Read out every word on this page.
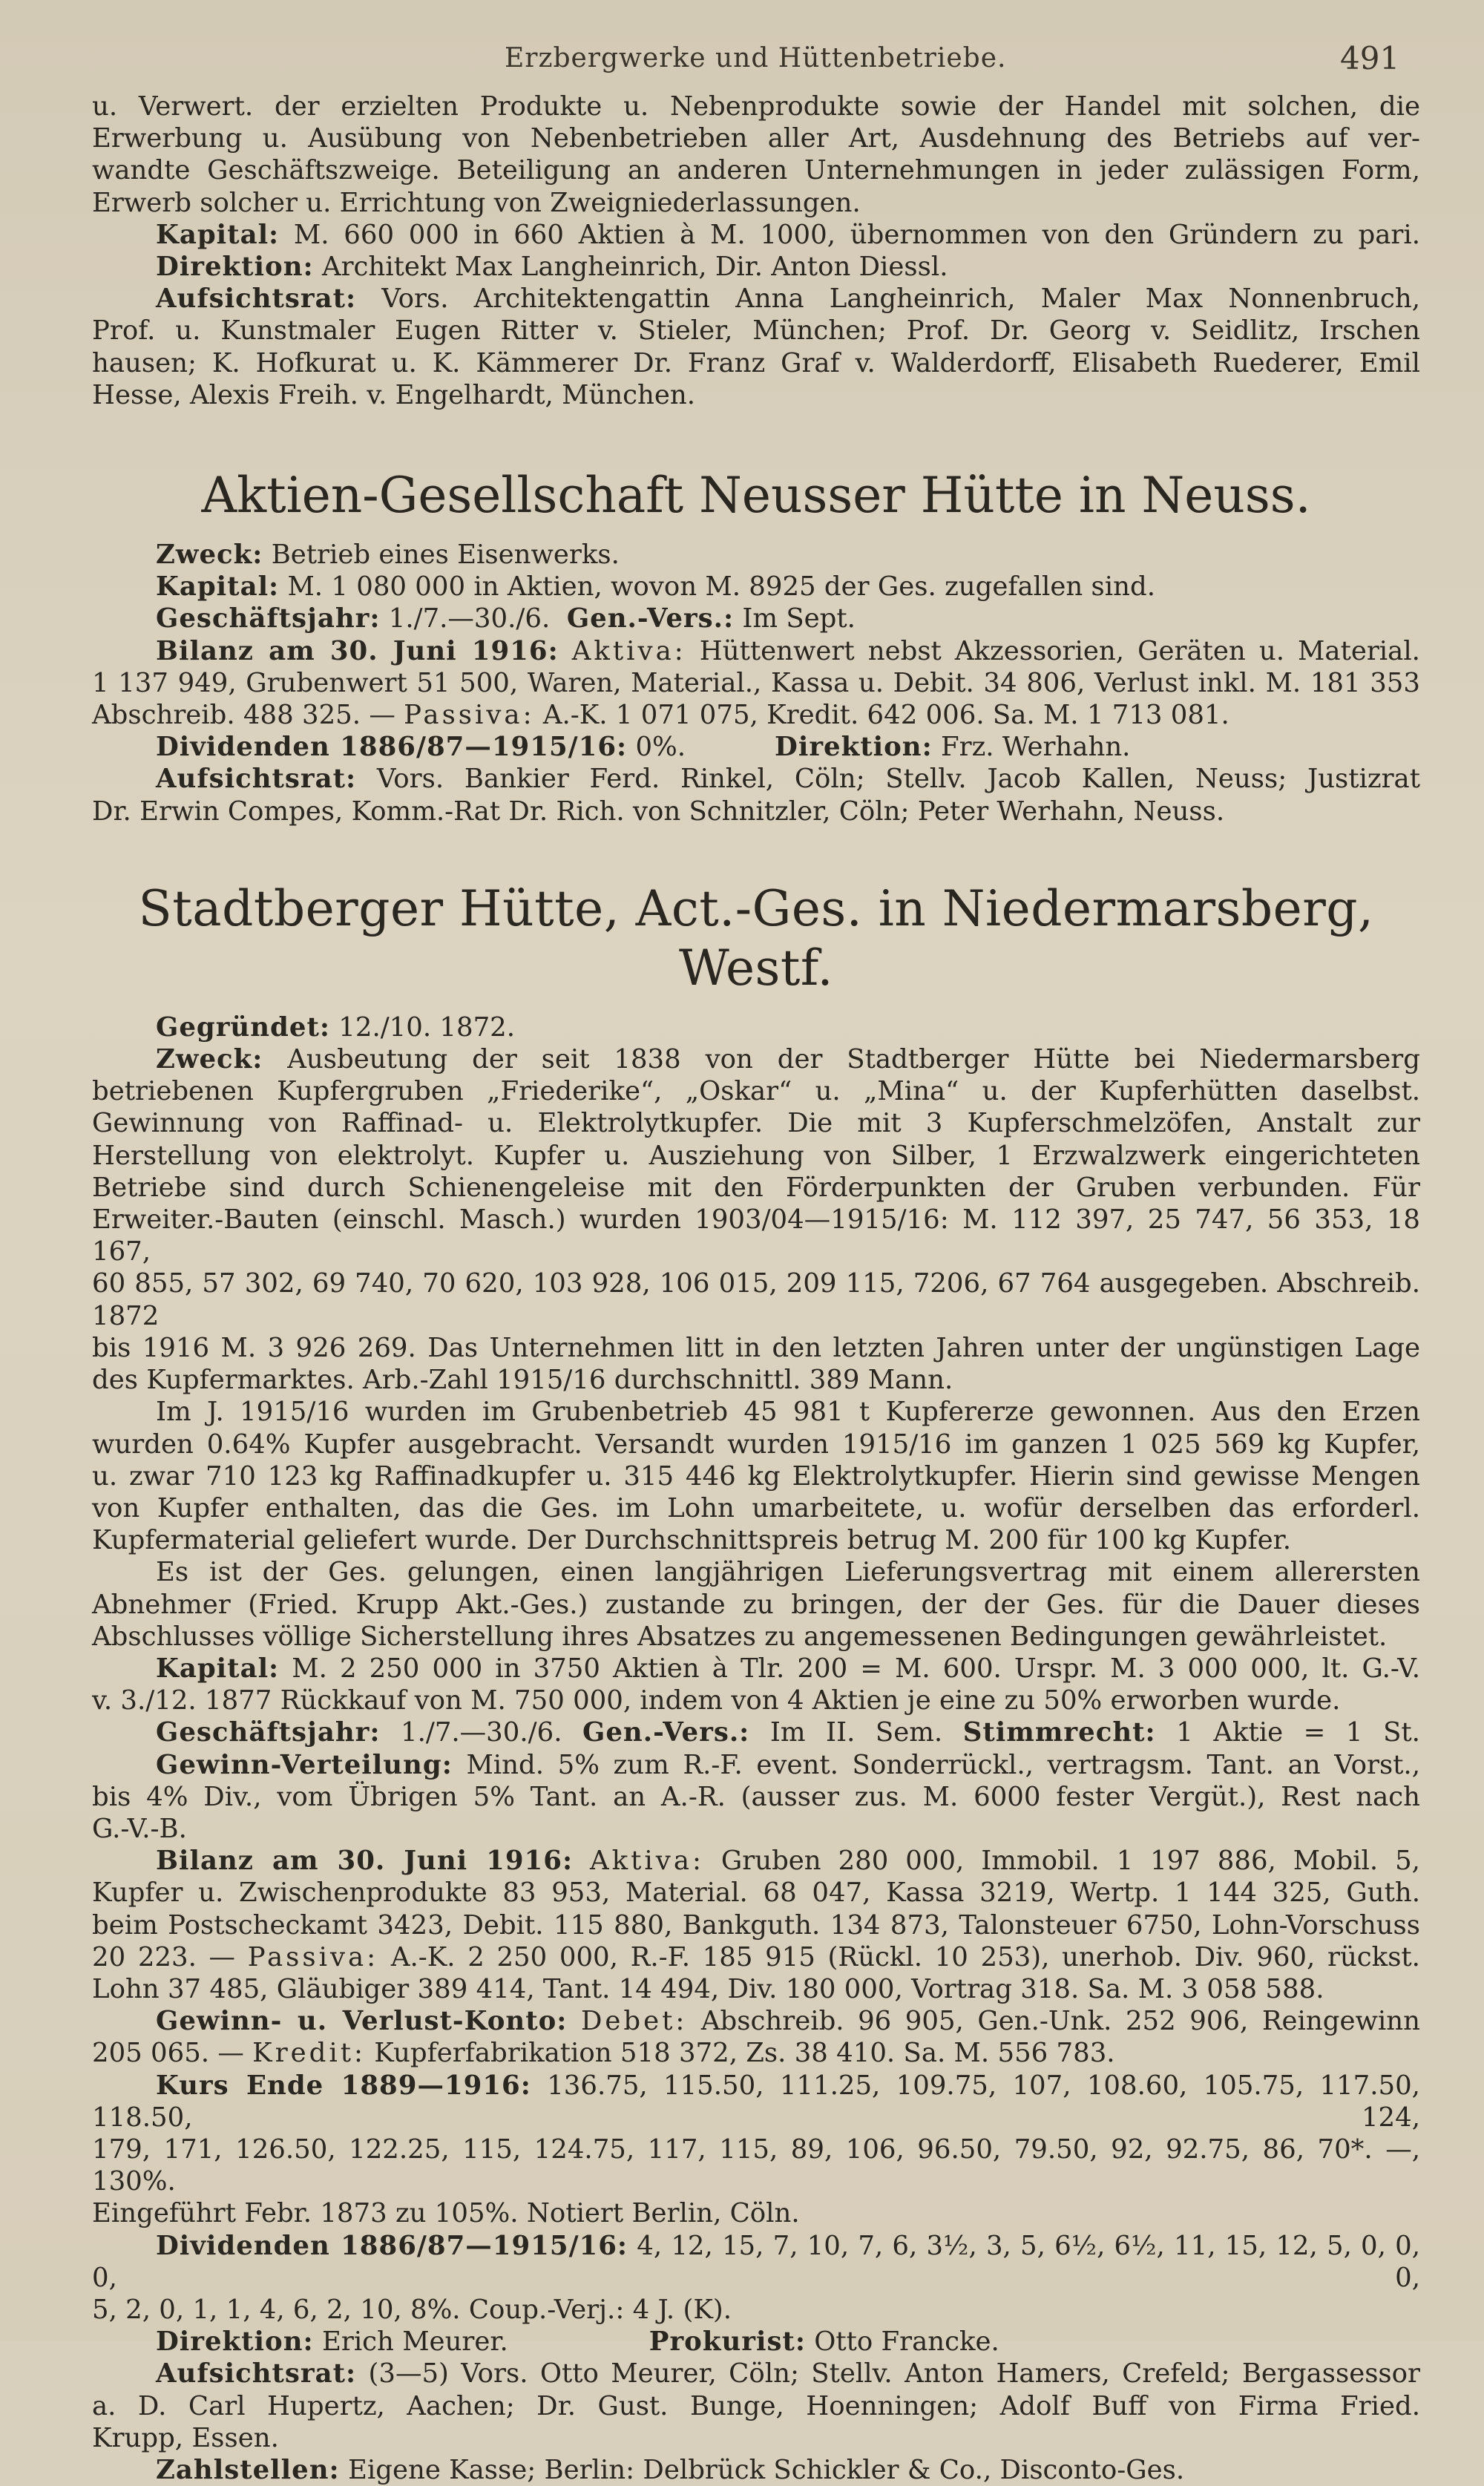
Erzbergwerke und Hüttenbetriebe.	491

u. Verwert. der erzielten Produkte u. Nebenprodukte sowie der Handel mit solchen, die

Erwerbung u. Ausübung von Nebenbetrieben aller Art, Ausdehnung des Betriebs auf ver-

wandte Geschäftszweige. Beteiligung an anderen Unternehmungen in jeder zulässigen Form,

Erwerb solcher u. Errichtung von Zweigniederlassungen.

Kapital: M. 660 000 in 660 Aktien à M. 1000, übernommen von den Gründern zu pari.

Direktion: Architekt Max Langheinrich, Dir. Anton Diessl.

Aufsichtsrat: Vors. Architektengattin Anna Langheinrich, Maler Max Nonnenbruch,

Prof. u. Kunstmaler Eugen Ritter v. Stieler, München; Prof. Dr. Georg v. Seidlitz, Irschen

hausen; K. Hofkurat u. K. Kämmerer Dr. Franz Graf v. Walderdorff, Elisabeth Ruederer, Emil

Hesse, Alexis Freih. v. Engelhardt, München.

Aktien-Gesellschaft Neusser Hütte in Neuss.

Zweck: Betrieb eines Eisenwerks.

Kapital: M. 1 080 000 in Aktien, wovon M. 8925 der Ges. zugefallen sind.

Geschäftsjahr: 1./7.—30./6. Gen.-Vers.: Im Sept.

Bilanz am 30. Juni 1916: Aktiva: Hüttenwert nebst Akzessorien, Geräten u. Material.

1 137 949, Grubenwert 51 500, Waren, Material., Kassa u. Debit. 34 806, Verlust inkl. M. 181 353

Abschreib. 488 325. — Passiva: A.-K. 1 071 075, Kredit. 642 006. Sa. M. 1 713 081.

Dividenden 1886/87—1915/16: 0%.	Direktion: Frz. Werhahn.

Aufsichtsrat: Vors. Bankier Ferd. Rinkel, Cöln; Stellv. Jacob Kallen, Neuss; Justizrat

Dr. Erwin Compes, Komm.-Rat Dr. Rich. von Schnitzler, Cöln; Peter Werhahn, Neuss.

Stadtberger Hütte, Act.-Ges. in Niedermarsberg, Westf.

Gegründet: 12./10. 1872.

Zweck: Ausbeutung der seit 1838 von der Stadtberger Hütte bei Niedermarsberg

betriebenen Kupfergruben „Friederike“, „Oskar“ u. „Mina“ u. der Kupferhütten daselbst.

Gewinnung von Raffinad- u. Elektrolytkupfer. Die mit 3 Kupferschmelzöfen, Anstalt zur

Herstellung von elektrolyt. Kupfer u. Ausziehung von Silber, 1 Erzwalzwerk eingerichteten

Betriebe sind durch Schienengeleise mit den Förderpunkten der Gruben verbunden. Für

Erweiter.-Bauten (einschl. Masch.) wurden 1903/04—1915/16: M. 112 397, 25 747, 56 353, 18 167,

60 855, 57 302, 69 740, 70 620, 103 928, 106 015, 209 115, 7206, 67 764 ausgegeben. Abschreib. 1872

bis 1916 M. 3 926 269. Das Unternehmen litt in den letzten Jahren unter der ungünstigen Lage

des Kupfermarktes. Arb.-Zahl 1915/16 durchschnittl. 389 Mann.

Im J. 1915/16 wurden im Grubenbetrieb 45 981 t Kupfererze gewonnen. Aus den Erzen

wurden 0.64% Kupfer ausgebracht. Versandt wurden 1915/16 im ganzen 1 025 569 kg Kupfer,

u. zwar 710 123 kg Raffinadkupfer u. 315 446 kg Elektrolytkupfer. Hierin sind gewisse Mengen

von Kupfer enthalten, das die Ges. im Lohn umarbeitete, u. wofür derselben das erforderl.

Kupfermaterial geliefert wurde. Der Durchschnittspreis betrug M. 200 für 100 kg Kupfer.

Es ist der Ges. gelungen, einen langjährigen Lieferungsvertrag mit einem allerersten

Abnehmer (Fried. Krupp Akt.-Ges.) zustande zu bringen, der der Ges. für die Dauer dieses

Abschlusses völlige Sicherstellung ihres Absatzes zu angemessenen Bedingungen gewährleistet.

Kapital: M. 2 250 000 in 3750 Aktien à Tlr. 200 = M. 600. Urspr. M. 3 000 000, lt. G.-V.

v. 3./12. 1877 Rückkauf von M. 750 000, indem von 4 Aktien je eine zu 50% erworben wurde.

Geschäftsjahr: 1./7.—30./6. Gen.-Vers.: Im II. Sem. Stimmrecht: 1 Aktie = 1 St.

Gewinn-Verteilung: Mind. 5% zum R.-F. event. Sonderrückl., vertragsm. Tant. an Vorst.,

bis 4% Div., vom Übrigen 5% Tant. an A.-R. (ausser zus. M. 6000 fester Vergüt.), Rest nach

G.-V.-B.

Bilanz am 30. Juni 1916: Aktiva: Gruben 280 000, Immobil. 1 197 886, Mobil. 5,

Kupfer u. Zwischenprodukte 83 953, Material. 68 047, Kassa 3219, Wertp. 1 144 325, Guth.

beim Postscheckamt 3423, Debit. 115 880, Bankguth. 134 873, Talonsteuer 6750, Lohn-Vorschuss

20 223. — Passiva: A.-K. 2 250 000, R.-F. 185 915 (Rückl. 10 253), unerhob. Div. 960, rückst.

Lohn 37 485, Gläubiger 389 414, Tant. 14 494, Div. 180 000, Vortrag 318. Sa. M. 3 058 588.

Gewinn- u. Verlust-Konto: Debet: Abschreib. 96 905, Gen.-Unk. 252 906, Reingewinn

205 065. — Kredit: Kupferfabrikation 518 372, Zs. 38 410. Sa. M. 556 783.

Kurs Ende 1889—1916: 136.75, 115.50, 111.25, 109.75, 107, 108.60, 105.75, 117.50, 118.50, 124,

179, 171, 126.50, 122.25, 115, 124.75, 117, 115, 89, 106, 96.50, 79.50, 92, 92.75, 86, 70*. —, 130%.

Eingeführt Febr. 1873 zu 105%. Notiert Berlin, Cöln.

Dividenden 1886/87—1915/16: 4, 12, 15, 7, 10, 7, 6, 3½, 3, 5, 6½, 6½, 11, 15, 12, 5, 0, 0, 0, 0,

5, 2, 0, 1, 1, 4, 6, 2, 10, 8%. Coup.-Verj.: 4 J. (K).

Direktion: Erich Meurer.	Prokurist: Otto Francke.

Aufsichtsrat: (3—5) Vors. Otto Meurer, Cöln; Stellv. Anton Hamers, Crefeld; Bergassessor

a. D. Carl Hupertz, Aachen; Dr. Gust. Bunge, Hoenningen; Adolf Buff von Firma Fried.

Krupp, Essen.

Zahlstellen: Eigene Kasse; Berlin: Delbrück Schickler & Co., Disconto-Ges.
